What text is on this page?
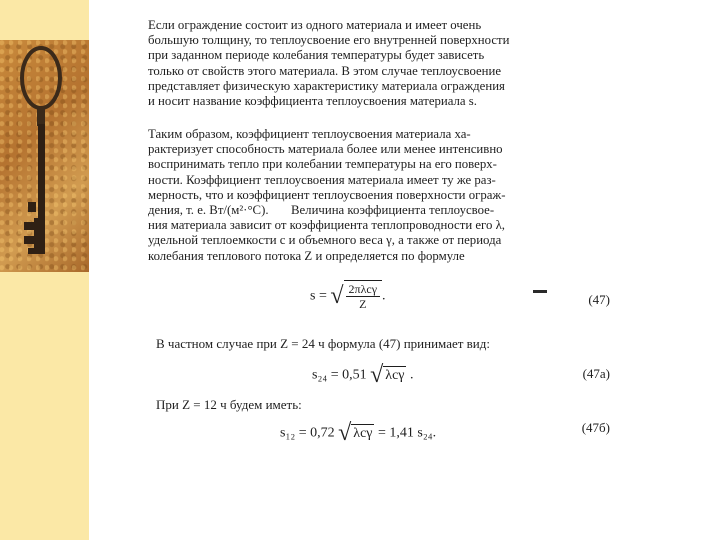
Если ограждение состоит из одного материала и имеет очень
большую толщину, то теплоусвоение его внутренней поверхности
при заданном периоде колебания температуры будет зависеть
только от свойств этого материала. В этом случае теплоусвоение
представляет физическую характеристику материала ограждения
и носит название коэффициента теплоусвоения материала s.
Таким образом, коэффициент теплоусвоения материала ха-
рактеризует способность материала более или менее интенсивно
воспринимать тепло при колебании температуры на его поверх-
ности. Коэффициент теплоусвоения материала имеет ту же раз-
мерность, что и коэффициент теплоусвоения поверхности ограж-
дения, т. е. Вт/(м²·°С). Величина коэффициента теплоусвое-
ния материала зависит от коэффициента теплопроводности его λ,
удельной теплоемкости c и объемного веса γ, а также от периода
колебания теплового потока Z и определяется по формуле
s = √ $\frac{\text{2πλcγ}}{Z}$ .	(47)
В частном случае при Z = 24 ч формула (47) принимает вид:
s₂₄ = 0,51 √ λcγ .	(47а)
При Z = 12 ч будем иметь:
s₁₂ = 0,72 √ λcγ = 1,41 s₂₄.	(47б)
